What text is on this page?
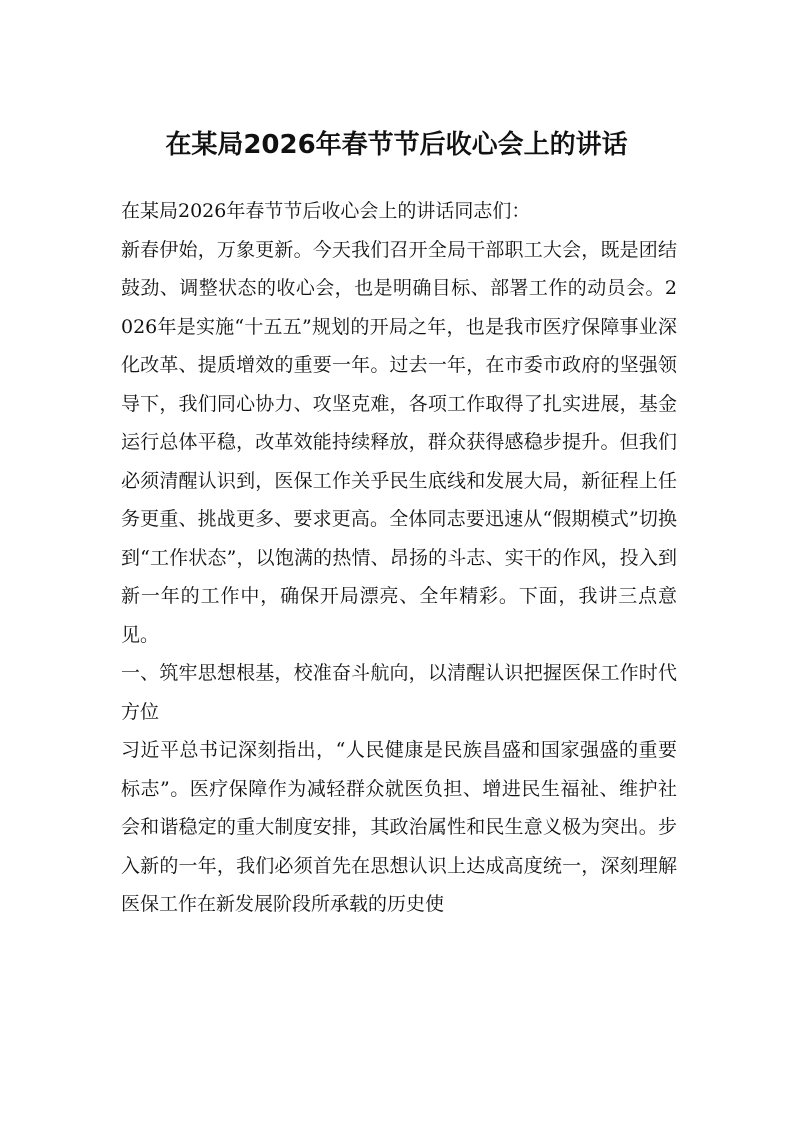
在某局2026年春节节后收心会上的讲话

在某局2026年春节节后收心会上的讲话同志们：

新春伊始，万象更新。今天我们召开全局干部职工大会，既是团结鼓劲、调整状态的收心会，也是明确目标、部署工作的动员会。2026年是实施“十五五”规划的开局之年，也是我市医疗保障事业深化改革、提质增效的重要一年。过去一年，在市委市政府的坚强领导下，我们同心协力、攻坚克难，各项工作取得了扎实进展，基金运行总体平稳，改革效能持续释放，群众获得感稳步提升。但我们必须清醒认识到，医保工作关乎民生底线和发展大局，新征程上任务更重、挑战更多、要求更高。全体同志要迅速从“假期模式”切换到“工作状态”，以饱满的热情、昂扬的斗志、实干的作风，投入到新一年的工作中，确保开局漂亮、全年精彩。下面，我讲三点意见。

一、筑牢思想根基，校准奋斗航向，以清醒认识把握医保工作时代方位

习近平总书记深刻指出，“人民健康是民族昌盛和国家强盛的重要标志”。医疗保障作为减轻群众就医负担、增进民生福祉、维护社会和谐稳定的重大制度安排，其政治属性和民生意义极为突出。步入新的一年，我们必须首先在思想认识上达成高度统一，深刻理解医保工作在新发展阶段所承载的历史使
